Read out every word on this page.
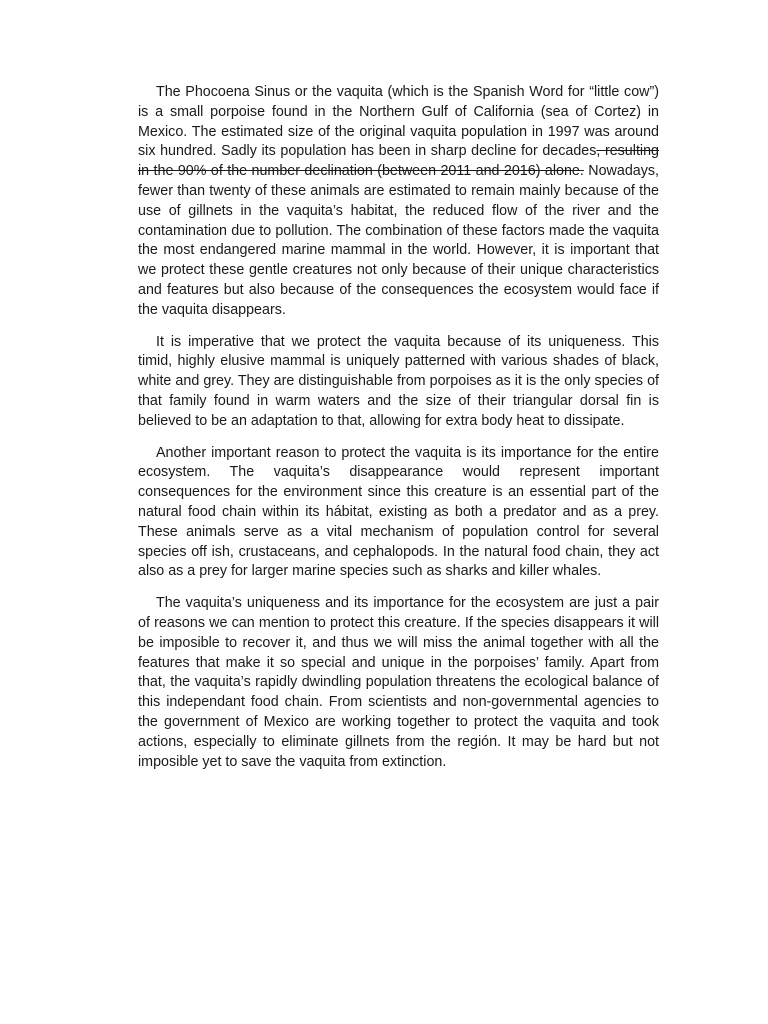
The Phocoena Sinus or the vaquita (which is the Spanish Word for “little cow”) is a small porpoise found in the Northern Gulf of California (sea of Cortez) in Mexico. The estimated size of the original vaquita population in 1997 was around six hundred. Sadly its population has been in sharp decline for decades, resulting in the 90% of the number declination (between 2011 and 2016) alone. Nowadays, fewer than twenty of these animals are estimated to remain mainly because of the use of gillnets in the vaquita’s habitat, the reduced flow of the river and the contamination due to pollution. The combination of these factors made the vaquita the most endangered marine mammal in the world. However, it is important that we protect these gentle creatures not only because of their unique characteristics and features but also because of the consequences the ecosystem would face if the vaquita disappears.

It is imperative that we protect the vaquita because of its uniqueness. This timid, highly elusive mammal is uniquely patterned with various shades of black, white and grey. They are distinguishable from porpoises as it is the only species of that family found in warm waters and the size of their triangular dorsal fin is believed to be an adaptation to that, allowing for extra body heat to dissipate.

Another important reason to protect the vaquita is its importance for the entire ecosystem. The vaquita’s disappearance would represent important consequences for the environment since this creature is an essential part of the natural food chain within its hábitat, existing as both a predator and as a prey. These animals serve as a vital mechanism of population control for several species off ish, crustaceans, and cephalopods. In the natural food chain, they act also as a prey for larger marine species such as sharks and killer whales.

The vaquita’s uniqueness and its importance for the ecosystem are just a pair of reasons we can mention to protect this creature. If the species disappears it will be imposible to recover it, and thus we will miss the animal together with all the features that make it so special and unique in the porpoises’ family. Apart from that, the vaquita’s rapidly dwindling population threatens the ecological balance of this independant food chain. From scientists and non-governmental agencies to the government of Mexico are working together to protect the vaquita and took actions, especially to eliminate gillnets from the región. It may be hard but not imposible yet to save the vaquita from extinction.
